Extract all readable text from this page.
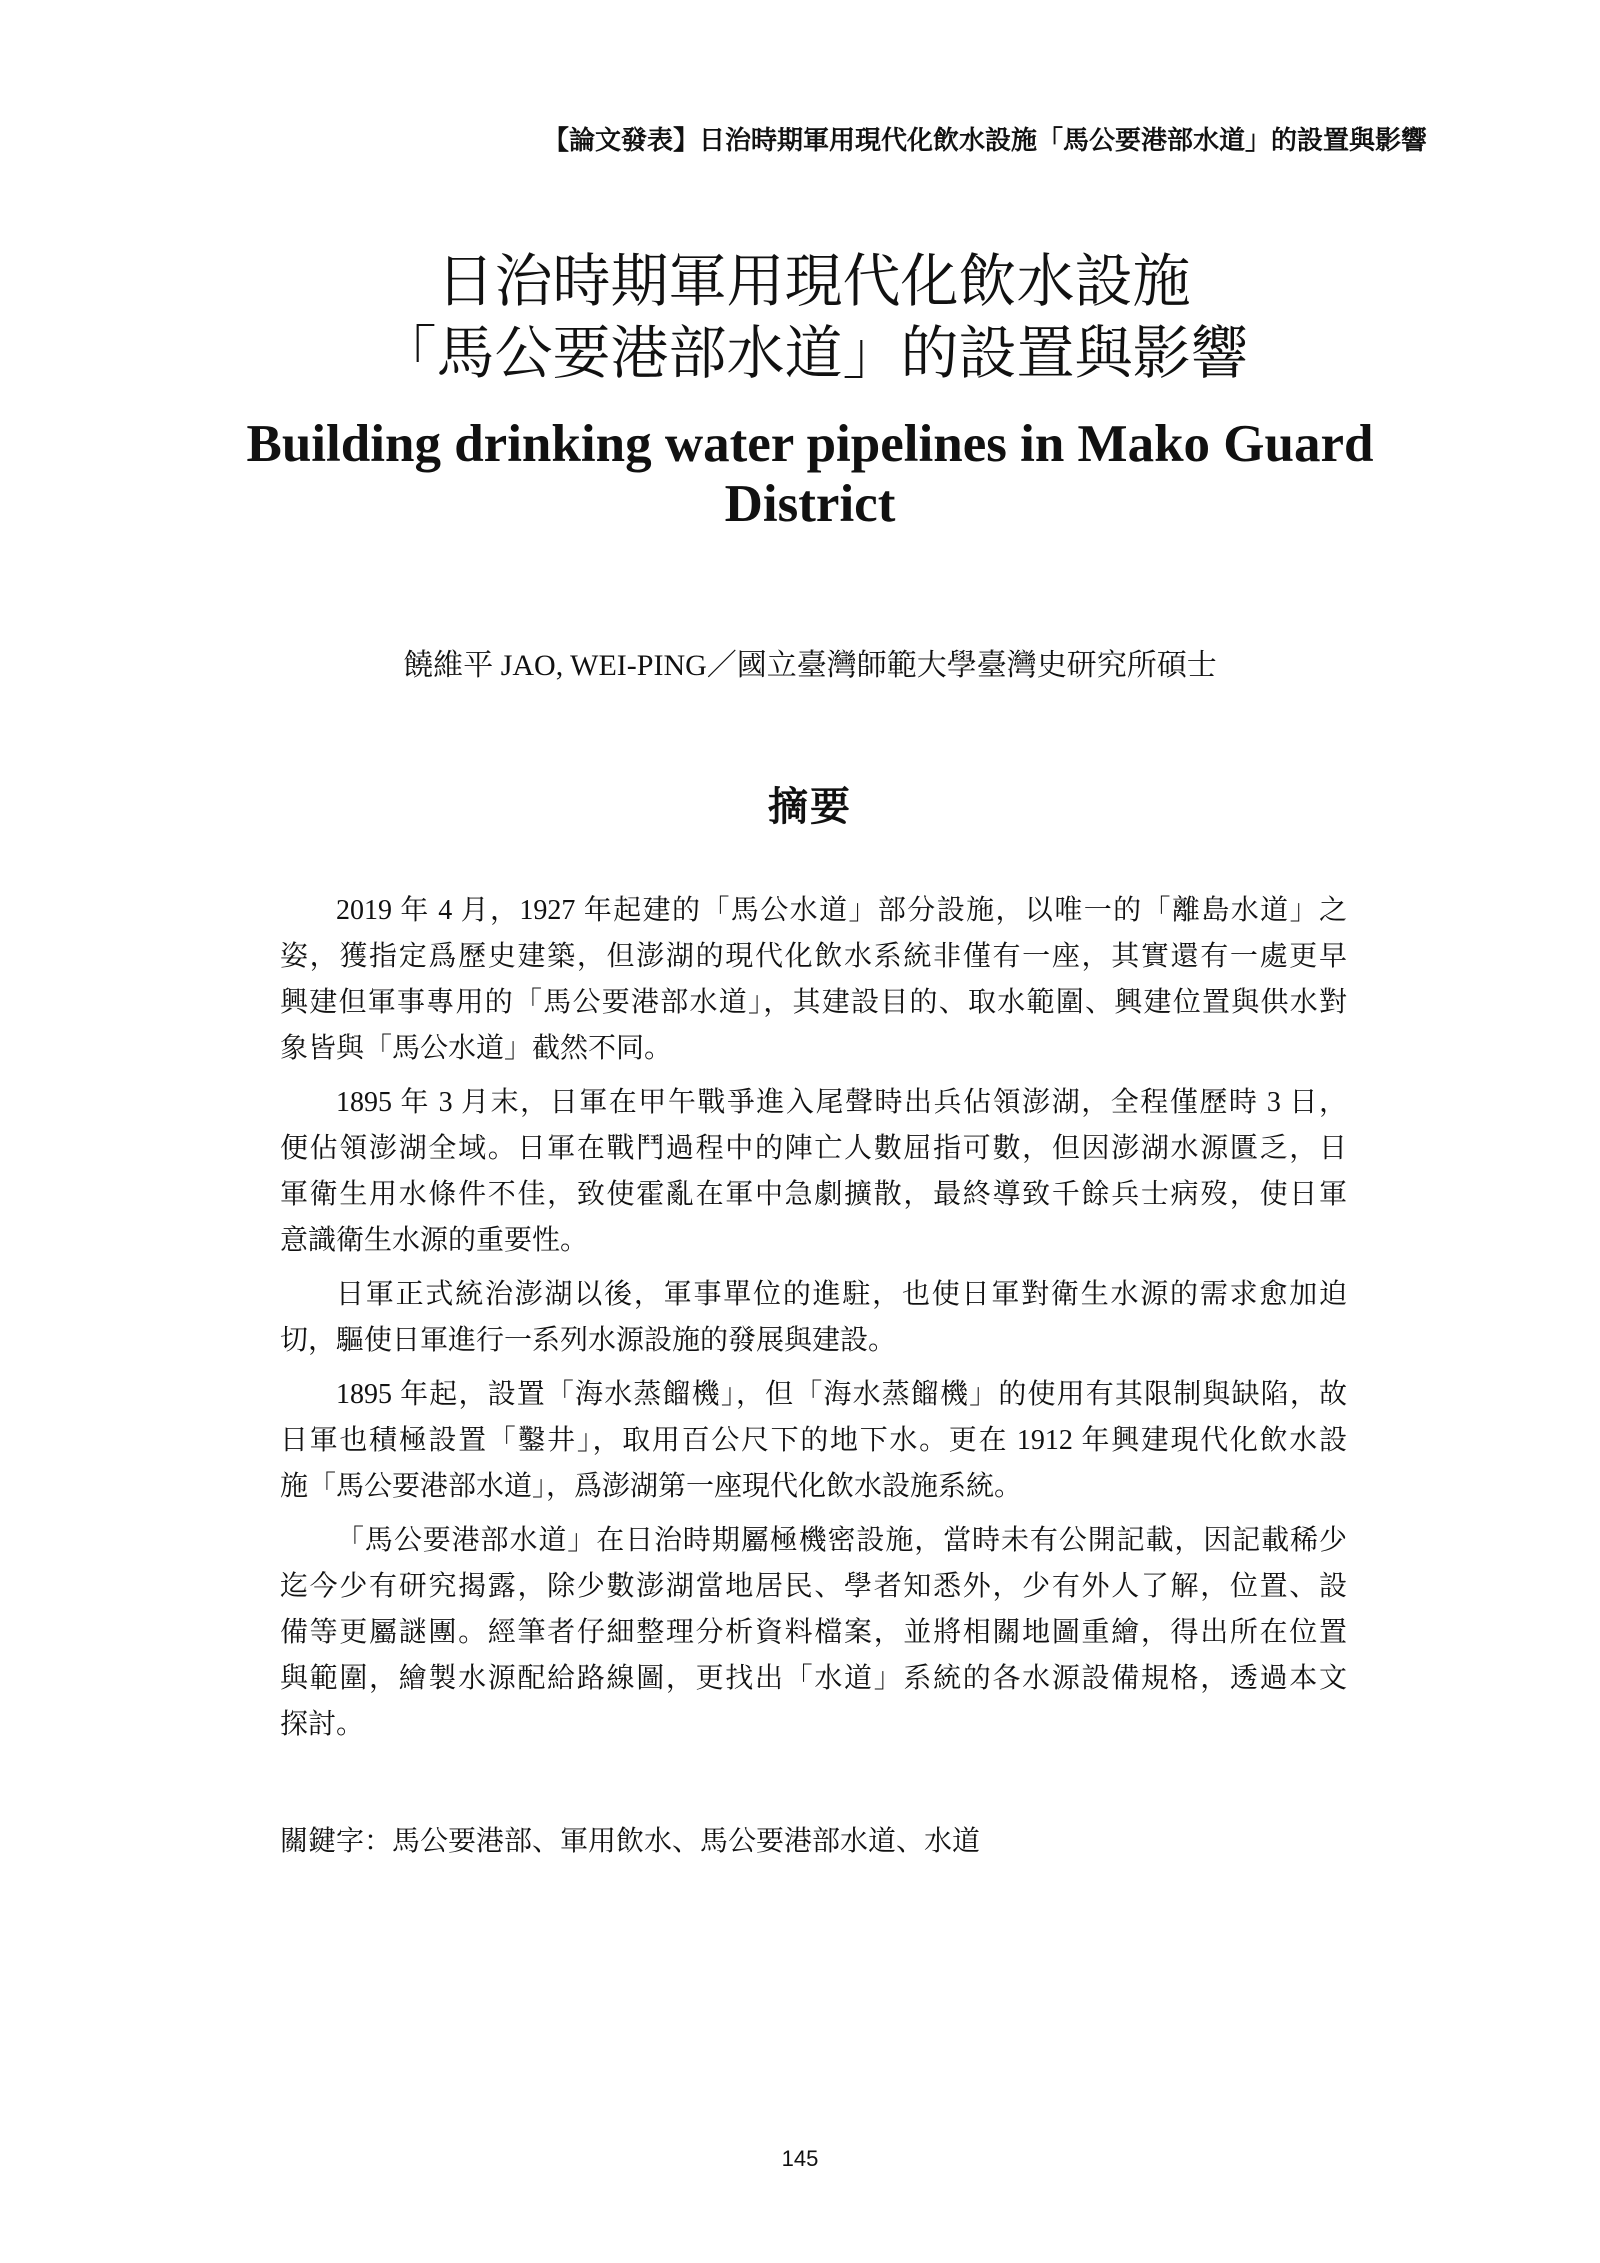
【論文發表】日治時期軍用現代化飲水設施「馬公要港部水道」的設置與影響
日治時期軍用現代化飲水設施
「馬公要港部水道」的設置與影響
Building drinking water pipelines in Mako Guard District
饒維平 JAO, WEI-PING／國立臺灣師範大學臺灣史研究所碩士
摘要
2019 年 4 月，1927 年起建的「馬公水道」部分設施，以唯一的「離島水道」之
姿，獲指定爲歷史建築，但澎湖的現代化飲水系統非僅有一座，其實還有一處更早
興建但軍事專用的「馬公要港部水道」，其建設目的、取水範圍、興建位置與供水對
象皆與「馬公水道」截然不同。
1895 年 3 月末，日軍在甲午戰爭進入尾聲時出兵佔領澎湖，全程僅歷時 3 日，
便佔領澎湖全域。日軍在戰鬥過程中的陣亡人數屈指可數，但因澎湖水源匱乏，日
軍衛生用水條件不佳，致使霍亂在軍中急劇擴散，最終導致千餘兵士病歿，使日軍
意識衛生水源的重要性。
日軍正式統治澎湖以後，軍事單位的進駐，也使日軍對衛生水源的需求愈加迫
切，驅使日軍進行一系列水源設施的發展與建設。
1895 年起，設置「海水蒸餾機」，但「海水蒸餾機」的使用有其限制與缺陷，故
日軍也積極設置「鑿井」，取用百公尺下的地下水。更在 1912 年興建現代化飲水設
施「馬公要港部水道」，爲澎湖第一座現代化飲水設施系統。
「馬公要港部水道」在日治時期屬極機密設施，當時未有公開記載，因記載稀少
迄今少有研究揭露，除少數澎湖當地居民、學者知悉外，少有外人了解，位置、設
備等更屬謎團。經筆者仔細整理分析資料檔案，並將相關地圖重繪，得出所在位置
與範圍，繪製水源配給路線圖，更找出「水道」系統的各水源設備規格，透過本文
探討。
關鍵字：馬公要港部、軍用飲水、馬公要港部水道、水道
145
